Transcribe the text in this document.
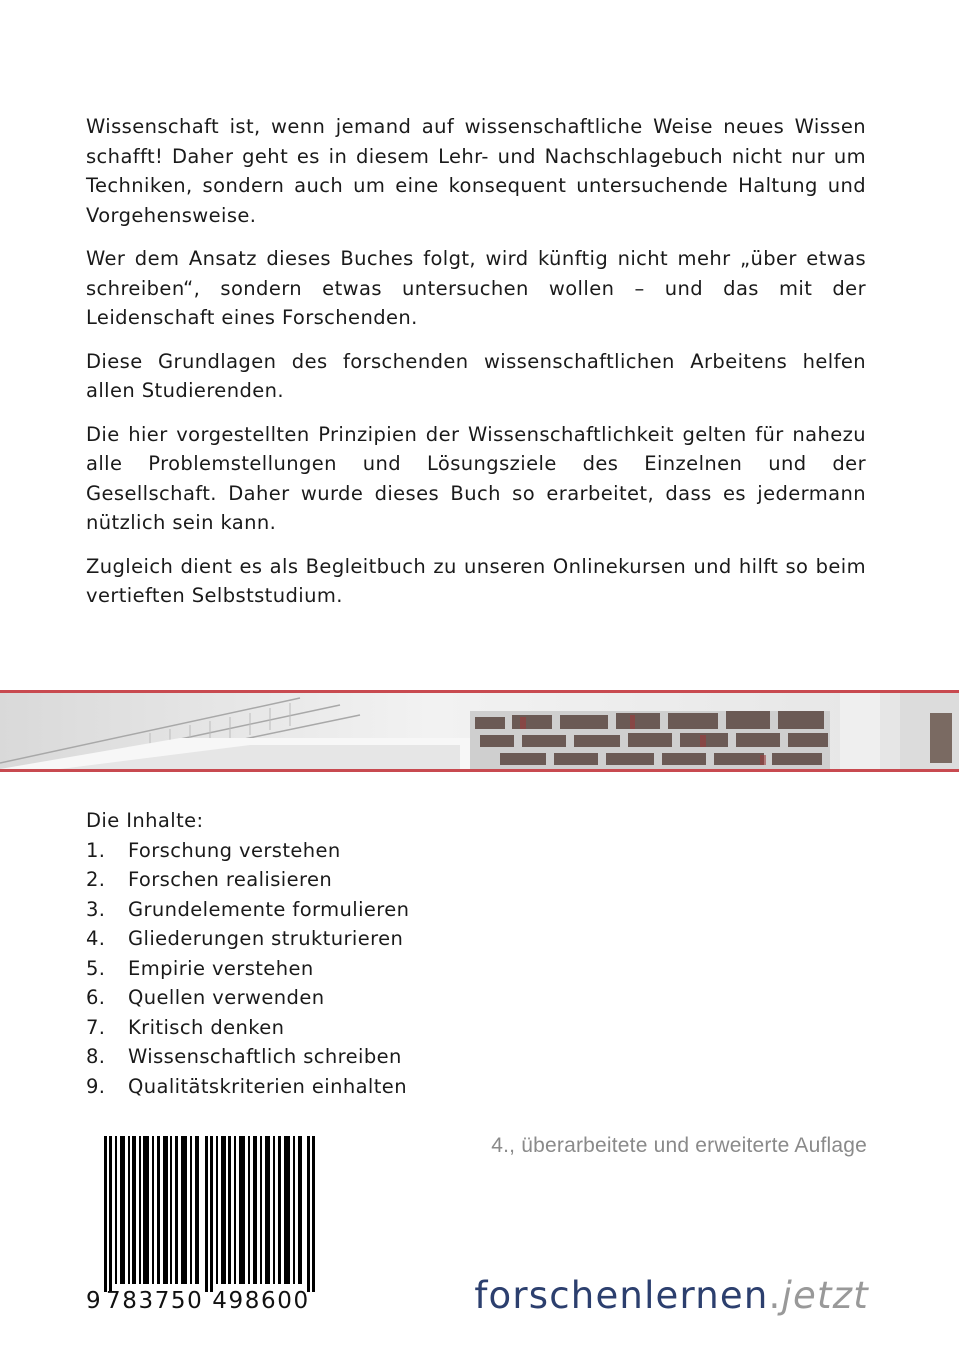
Wissenschaft ist, wenn jemand auf wissenschaftliche Weise neues Wissen schafft! Daher geht es in diesem Lehr- und Nachschlagebuch nicht nur um Techniken, sondern auch um eine konsequent untersuchende Haltung und Vorgehensweise.

Wer dem Ansatz dieses Buches folgt, wird künftig nicht mehr „über etwas schreiben“, sondern etwas untersuchen wollen – und das mit der Leidenschaft eines Forschenden.

Diese Grundlagen des forschenden wissenschaftlichen Arbeitens helfen allen Studierenden.

Die hier vorgestellten Prinzipien der Wissenschaftlichkeit gelten für nahezu alle Problemstellungen und Lösungsziele des Einzelnen und der Gesellschaft. Daher wurde dieses Buch so erarbeitet, dass es jedermann nützlich sein kann.

Zugleich dient es als Begleitbuch zu unseren Onlinekursen und hilft so beim vertieften Selbststudium.

Die Inhalte:

1.	Forschung verstehen
2.	Forschen realisieren
3.	Grundelemente formulieren
4.	Gliederungen strukturieren
5.	Empirie verstehen
6.	Quellen verwenden
7.	Kritisch denken
8.	Wissenschaftlich schreiben
9.	Qualitätskriterien einhalten
9 783750 498600
4., überarbeitete und erweiterte Auflage
forschenlernen.jetzt
